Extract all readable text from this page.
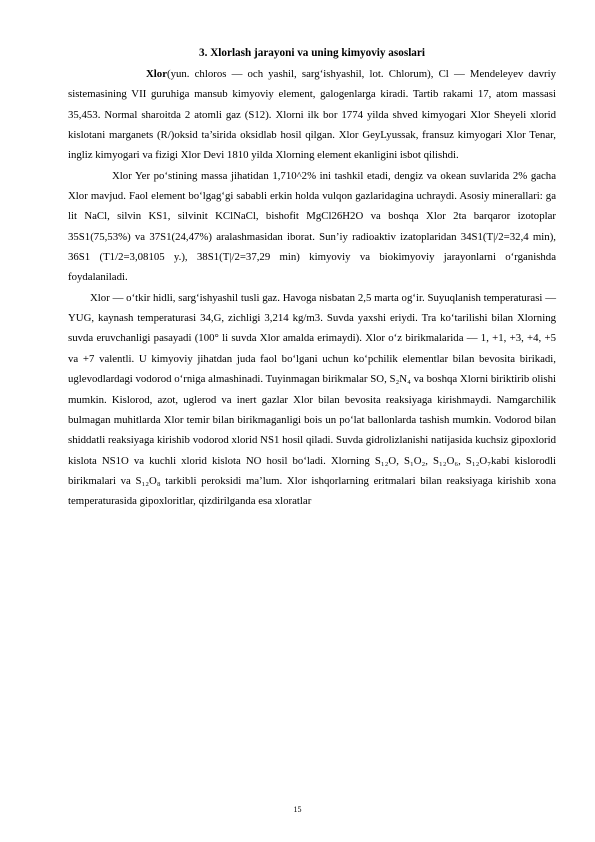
3. Xlorlash jarayoni va uning kimyoviy asoslari

Xlor(yun. chloros — och yashil, sarg‘ishyashil, lot. Chlorum), Cl — Mendeleyev davriy sistemasining VII guruhiga mansub kimyoviy element, galogenlarga kiradi. Tartib rakami 17, atom massasi 35,453. Normal sharoitda 2 atomli gaz (S12). Xlorni ilk bor 1774 yilda shved kimyogari Xlor Sheyeli xlorid kislotani marganets (R/)oksid ta’sirida oksidlab hosil qilgan. Xlor GeyLyussak, fransuz kimyogari Xlor Tenar, ingliz kimyogari va fizigi Xlor Devi 1810 yilda Xlorning element ekanligini isbot qilishdi.

Xlor Yer po‘stining massa jihatidan 1,710^2% ini tashkil etadi, dengiz va okean suvlarida 2% gacha Xlor mavjud. Faol element bo‘lgag‘gi sababli erkin holda vulqon gazlaridagina uchraydi. Asosiy minerallari: ga lit NaCl, silvin KS1, silvinit KClNaCl, bishofit MgCl26H2O va boshqa Xlor 2ta barqaror izotoplar 35S1(75,53%) va 37S1(24,47%) aralashmasidan iborat. Sun’iy radioaktiv izatoplaridan 34S1(T|/2=32,4 min), 36S1 (T1/2=3,08105 y.), 38S1(T|/2=37,29 min) kimyoviy va biokimyoviy jarayonlarni o‘rganishda foydalaniladi.

Xlor — o‘tkir hidli, sarg‘ishyashil tusli gaz. Havoga nisbatan 2,5 marta og‘ir. Suyuqlanish temperaturasi — YUG, kaynash temperaturasi 34,G, zichligi 3,214 kg/m3. Suvda yaxshi eriydi. Tra ko‘tarilishi bilan Xlorning suvda eruvchanligi pasayadi (100° li suvda Xlor amalda erimaydi). Xlor o‘z birikmalarida — 1, +1, +3, +4, +5 va +7 valentli. U kimyoviy jihatdan juda faol bo‘lgani uchun ko‘pchilik elementlar bilan bevosita birikadi, uglevodlardagi vodorod o‘rniga almashinadi. Tuyinmagan birikmalar SO, S₂N₄ va boshqa Xlorni biriktirib olishi mumkin. Kislorod, azot, uglerod va inert gazlar Xlor bilan bevosita reaksiyaga kirishmaydi. Namgarchilik bulmagan muhitlarda Xlor temir bilan birikmaganligi bois un po‘lat ballonlarda tashish mumkin. Vodorod bilan shiddatli reaksiyaga kirishib vodorod xlorid NS1 hosil qiladi. Suvda gidrolizlanishi natijasida kuchsiz gipoxlorid kislota NS1O va kuchli xlorid kislota NO hosil bo‘ladi. Xlorning S₁₂O, S₁O₂, S₁₂O₆, S₁₂O₇kabi kislorodli birikmalari va S₁₂O₈ tarkibli peroksidi ma’lum. Xlor ishqorlarning eritmalari bilan reaksiyaga kirishib xona temperaturasida gipoxloritlar, qizdirilganda esa xloratlar

15
